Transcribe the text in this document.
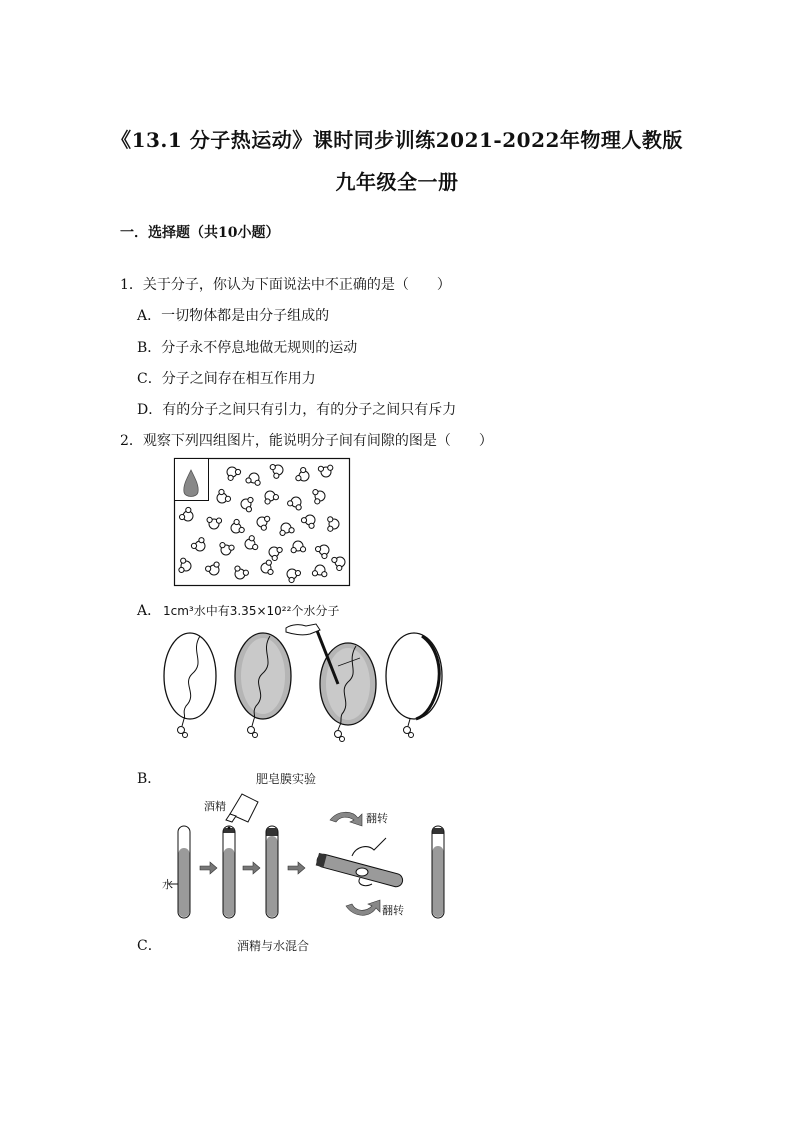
《13.1 分子热运动》课时同步训练2021-2022年物理人教版
九年级全一册
一．选择题（共10小题）
1．关于分子，你认为下面说法中不正确的是（　　）
A．一切物体都是由分子组成的
B．分子永不停息地做无规则的运动
C．分子之间存在相互作用力
D．有的分子之间只有引力，有的分子之间只有斥力
2．观察下列四组图片，能说明分子间有间隙的图是（　　）
A． 1cm³水中有3.35×10²²个水分子
B．	肥皂膜实验
水
酒精
翻转
翻转
C．	酒精与水混合
